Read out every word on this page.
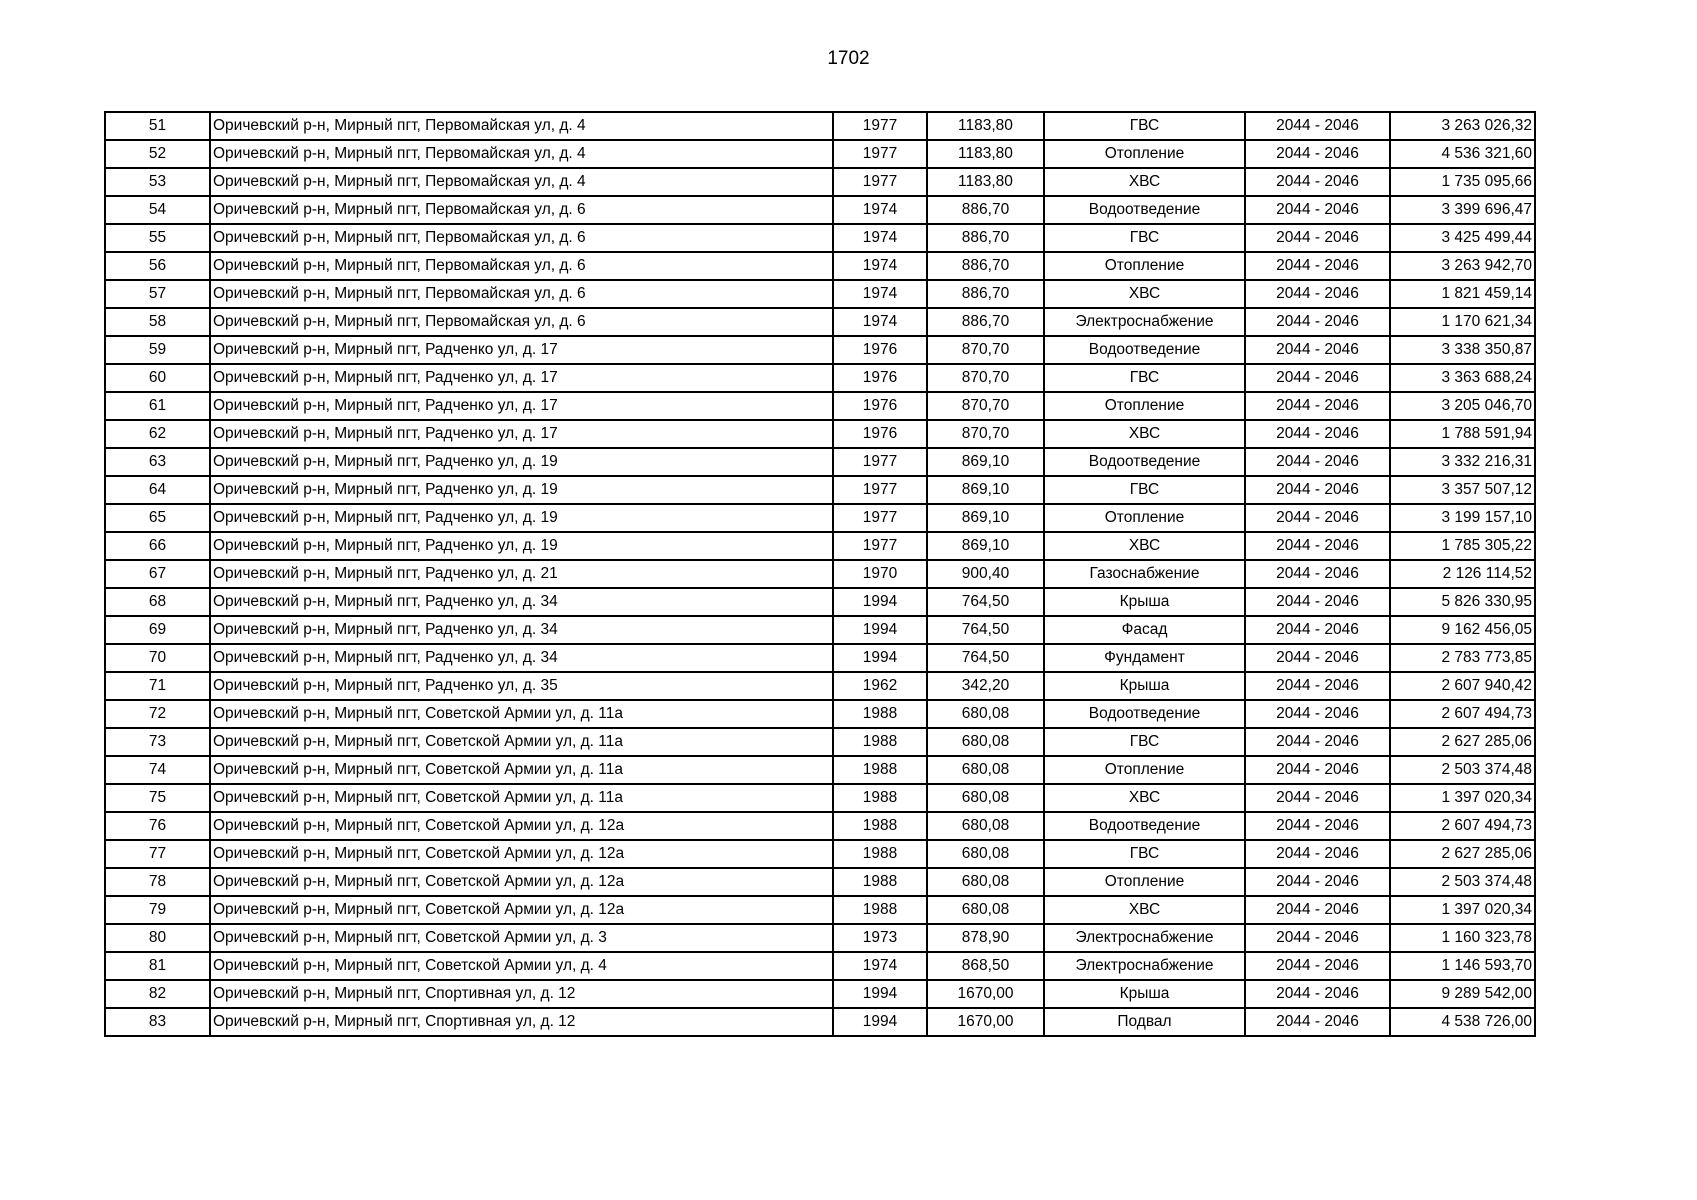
1702
51	Оричевский р-н, Мирный пгт, Первомайская ул, д. 4	1977	1183,80	ГВС	2044 - 2046	3 263 026,32
52	Оричевский р-н, Мирный пгт, Первомайская ул, д. 4	1977	1183,80	Отопление	2044 - 2046	4 536 321,60
53	Оричевский р-н, Мирный пгт, Первомайская ул, д. 4	1977	1183,80	ХВС	2044 - 2046	1 735 095,66
54	Оричевский р-н, Мирный пгт, Первомайская ул, д. 6	1974	886,70	Водоотведение	2044 - 2046	3 399 696,47
55	Оричевский р-н, Мирный пгт, Первомайская ул, д. 6	1974	886,70	ГВС	2044 - 2046	3 425 499,44
56	Оричевский р-н, Мирный пгт, Первомайская ул, д. 6	1974	886,70	Отопление	2044 - 2046	3 263 942,70
57	Оричевский р-н, Мирный пгт, Первомайская ул, д. 6	1974	886,70	ХВС	2044 - 2046	1 821 459,14
58	Оричевский р-н, Мирный пгт, Первомайская ул, д. 6	1974	886,70	Электроснабжение	2044 - 2046	1 170 621,34
59	Оричевский р-н, Мирный пгт, Радченко ул, д. 17	1976	870,70	Водоотведение	2044 - 2046	3 338 350,87
60	Оричевский р-н, Мирный пгт, Радченко ул, д. 17	1976	870,70	ГВС	2044 - 2046	3 363 688,24
61	Оричевский р-н, Мирный пгт, Радченко ул, д. 17	1976	870,70	Отопление	2044 - 2046	3 205 046,70
62	Оричевский р-н, Мирный пгт, Радченко ул, д. 17	1976	870,70	ХВС	2044 - 2046	1 788 591,94
63	Оричевский р-н, Мирный пгт, Радченко ул, д. 19	1977	869,10	Водоотведение	2044 - 2046	3 332 216,31
64	Оричевский р-н, Мирный пгт, Радченко ул, д. 19	1977	869,10	ГВС	2044 - 2046	3 357 507,12
65	Оричевский р-н, Мирный пгт, Радченко ул, д. 19	1977	869,10	Отопление	2044 - 2046	3 199 157,10
66	Оричевский р-н, Мирный пгт, Радченко ул, д. 19	1977	869,10	ХВС	2044 - 2046	1 785 305,22
67	Оричевский р-н, Мирный пгт, Радченко ул, д. 21	1970	900,40	Газоснабжение	2044 - 2046	2 126 114,52
68	Оричевский р-н, Мирный пгт, Радченко ул, д. 34	1994	764,50	Крыша	2044 - 2046	5 826 330,95
69	Оричевский р-н, Мирный пгт, Радченко ул, д. 34	1994	764,50	Фасад	2044 - 2046	9 162 456,05
70	Оричевский р-н, Мирный пгт, Радченко ул, д. 34	1994	764,50	Фундамент	2044 - 2046	2 783 773,85
71	Оричевский р-н, Мирный пгт, Радченко ул, д. 35	1962	342,20	Крыша	2044 - 2046	2 607 940,42
72	Оричевский р-н, Мирный пгт, Советской Армии ул, д. 11а	1988	680,08	Водоотведение	2044 - 2046	2 607 494,73
73	Оричевский р-н, Мирный пгт, Советской Армии ул, д. 11а	1988	680,08	ГВС	2044 - 2046	2 627 285,06
74	Оричевский р-н, Мирный пгт, Советской Армии ул, д. 11а	1988	680,08	Отопление	2044 - 2046	2 503 374,48
75	Оричевский р-н, Мирный пгт, Советской Армии ул, д. 11а	1988	680,08	ХВС	2044 - 2046	1 397 020,34
76	Оричевский р-н, Мирный пгт, Советской Армии ул, д. 12а	1988	680,08	Водоотведение	2044 - 2046	2 607 494,73
77	Оричевский р-н, Мирный пгт, Советской Армии ул, д. 12а	1988	680,08	ГВС	2044 - 2046	2 627 285,06
78	Оричевский р-н, Мирный пгт, Советской Армии ул, д. 12а	1988	680,08	Отопление	2044 - 2046	2 503 374,48
79	Оричевский р-н, Мирный пгт, Советской Армии ул, д. 12а	1988	680,08	ХВС	2044 - 2046	1 397 020,34
80	Оричевский р-н, Мирный пгт, Советской Армии ул, д. 3	1973	878,90	Электроснабжение	2044 - 2046	1 160 323,78
81	Оричевский р-н, Мирный пгт, Советской Армии ул, д. 4	1974	868,50	Электроснабжение	2044 - 2046	1 146 593,70
82	Оричевский р-н, Мирный пгт, Спортивная ул, д. 12	1994	1670,00	Крыша	2044 - 2046	9 289 542,00
83	Оричевский р-н, Мирный пгт, Спортивная ул, д. 12	1994	1670,00	Подвал	2044 - 2046	4 538 726,00
